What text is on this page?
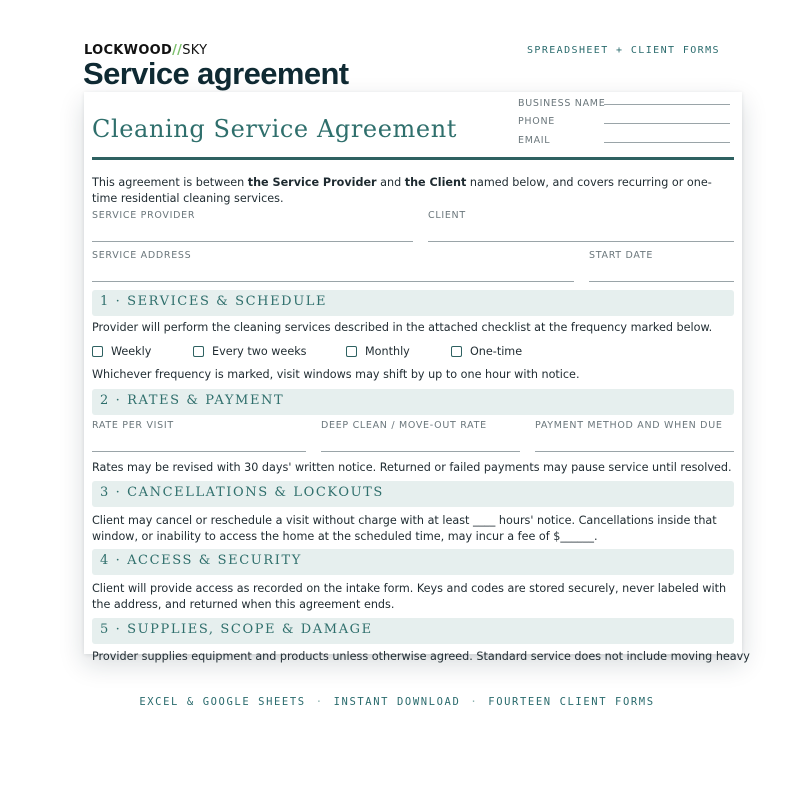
LOCKWOOD//SKY	SPREADSHEET + CLIENT FORMS
Service agreement
Cleaning Service Agreement
BUSINESS NAME
PHONE
EMAIL
This agreement is between the Service Provider and the Client named below, and covers recurring or one-time residential cleaning services.
SERVICE PROVIDER	CLIENT
SERVICE ADDRESS	START DATE
1 · SERVICES & SCHEDULE
Provider will perform the cleaning services described in the attached checklist at the frequency marked below.
Weekly	Every two weeks	Monthly	One-time
Whichever frequency is marked, visit windows may shift by up to one hour with notice.
2 · RATES & PAYMENT
RATE PER VISIT	DEEP CLEAN / MOVE-OUT RATE	PAYMENT METHOD AND WHEN DUE
Rates may be revised with 30 days' written notice. Returned or failed payments may pause service until resolved.
3 · CANCELLATIONS & LOCKOUTS
Client may cancel or reschedule a visit without charge with at least ____ hours' notice. Cancellations inside that window, or inability to access the home at the scheduled time, may incur a fee of $______.
4 · ACCESS & SECURITY
Client will provide access as recorded on the intake form. Keys and codes are stored securely, never labeled with the address, and returned when this agreement ends.
5 · SUPPLIES, SCOPE & DAMAGE
Provider supplies equipment and products unless otherwise agreed. Standard service does not include moving heavy
EXCEL & GOOGLE SHEETS · INSTANT DOWNLOAD · FOURTEEN CLIENT FORMS
